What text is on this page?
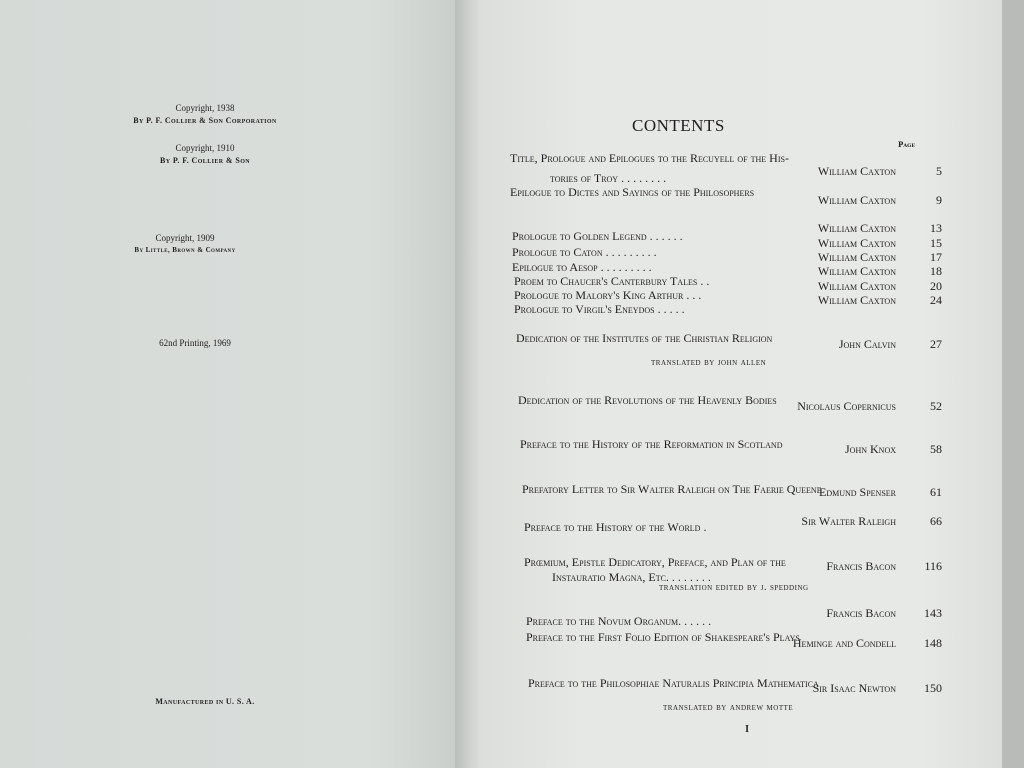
Copyright, 1938
By P. F. Collier & Son Corporation
Copyright, 1910
By P. F. Collier & Son
Copyright, 1909
By Little, Brown & Company
62nd Printing, 1969
Manufactured in U. S. A.
CONTENTS
Page
Title, Prologue and Epilogues to the Recuyell of the His-
tories of Troy . . . . . . . .	William Caxton	5
Epilogue to Dictes and Sayings of the Philosophers
William Caxton	9
Prologue to Golden Legend . . . . . .
William Caxton	13
Prologue to Caton . . . . . . . . .
William Caxton	15
Epilogue to Aesop . . . . . . . . .
William Caxton	17
Proem to Chaucer's Canterbury Tales . .
William Caxton	18
Prologue to Malory's King Arthur . . .
William Caxton	20
Prologue to Virgil's Eneydos . . . . .
William Caxton	24
Dedication of the Institutes of the Christian Religion	John Calvin	27
translated by john allen
Dedication of the Revolutions of the Heavenly Bodies Nicolaus Copernicus	52
Preface to the History of the Reformation in Scotland	John Knox	58
Prefatory Letter to Sir Walter Raleigh on The Faerie Queene
Edmund Spenser	61
Preface to the History of the World .	Sir Walter Raleigh	66
Prœmium, Epistle Dedicatory, Preface, and Plan of the
Instauratio Magna, Etc. . . . . . . .
Francis Bacon 116
translation edited by j. spedding
Preface to the Novum Organum. . . . . .
Francis Bacon 143
Preface to the First Folio Edition of Shakespeare's Plays
Heminge and Condell 148
Preface to the Philosophiae Naturalis Principia Mathematica
Sir Isaac Newton 150
translated by andrew motte
I
